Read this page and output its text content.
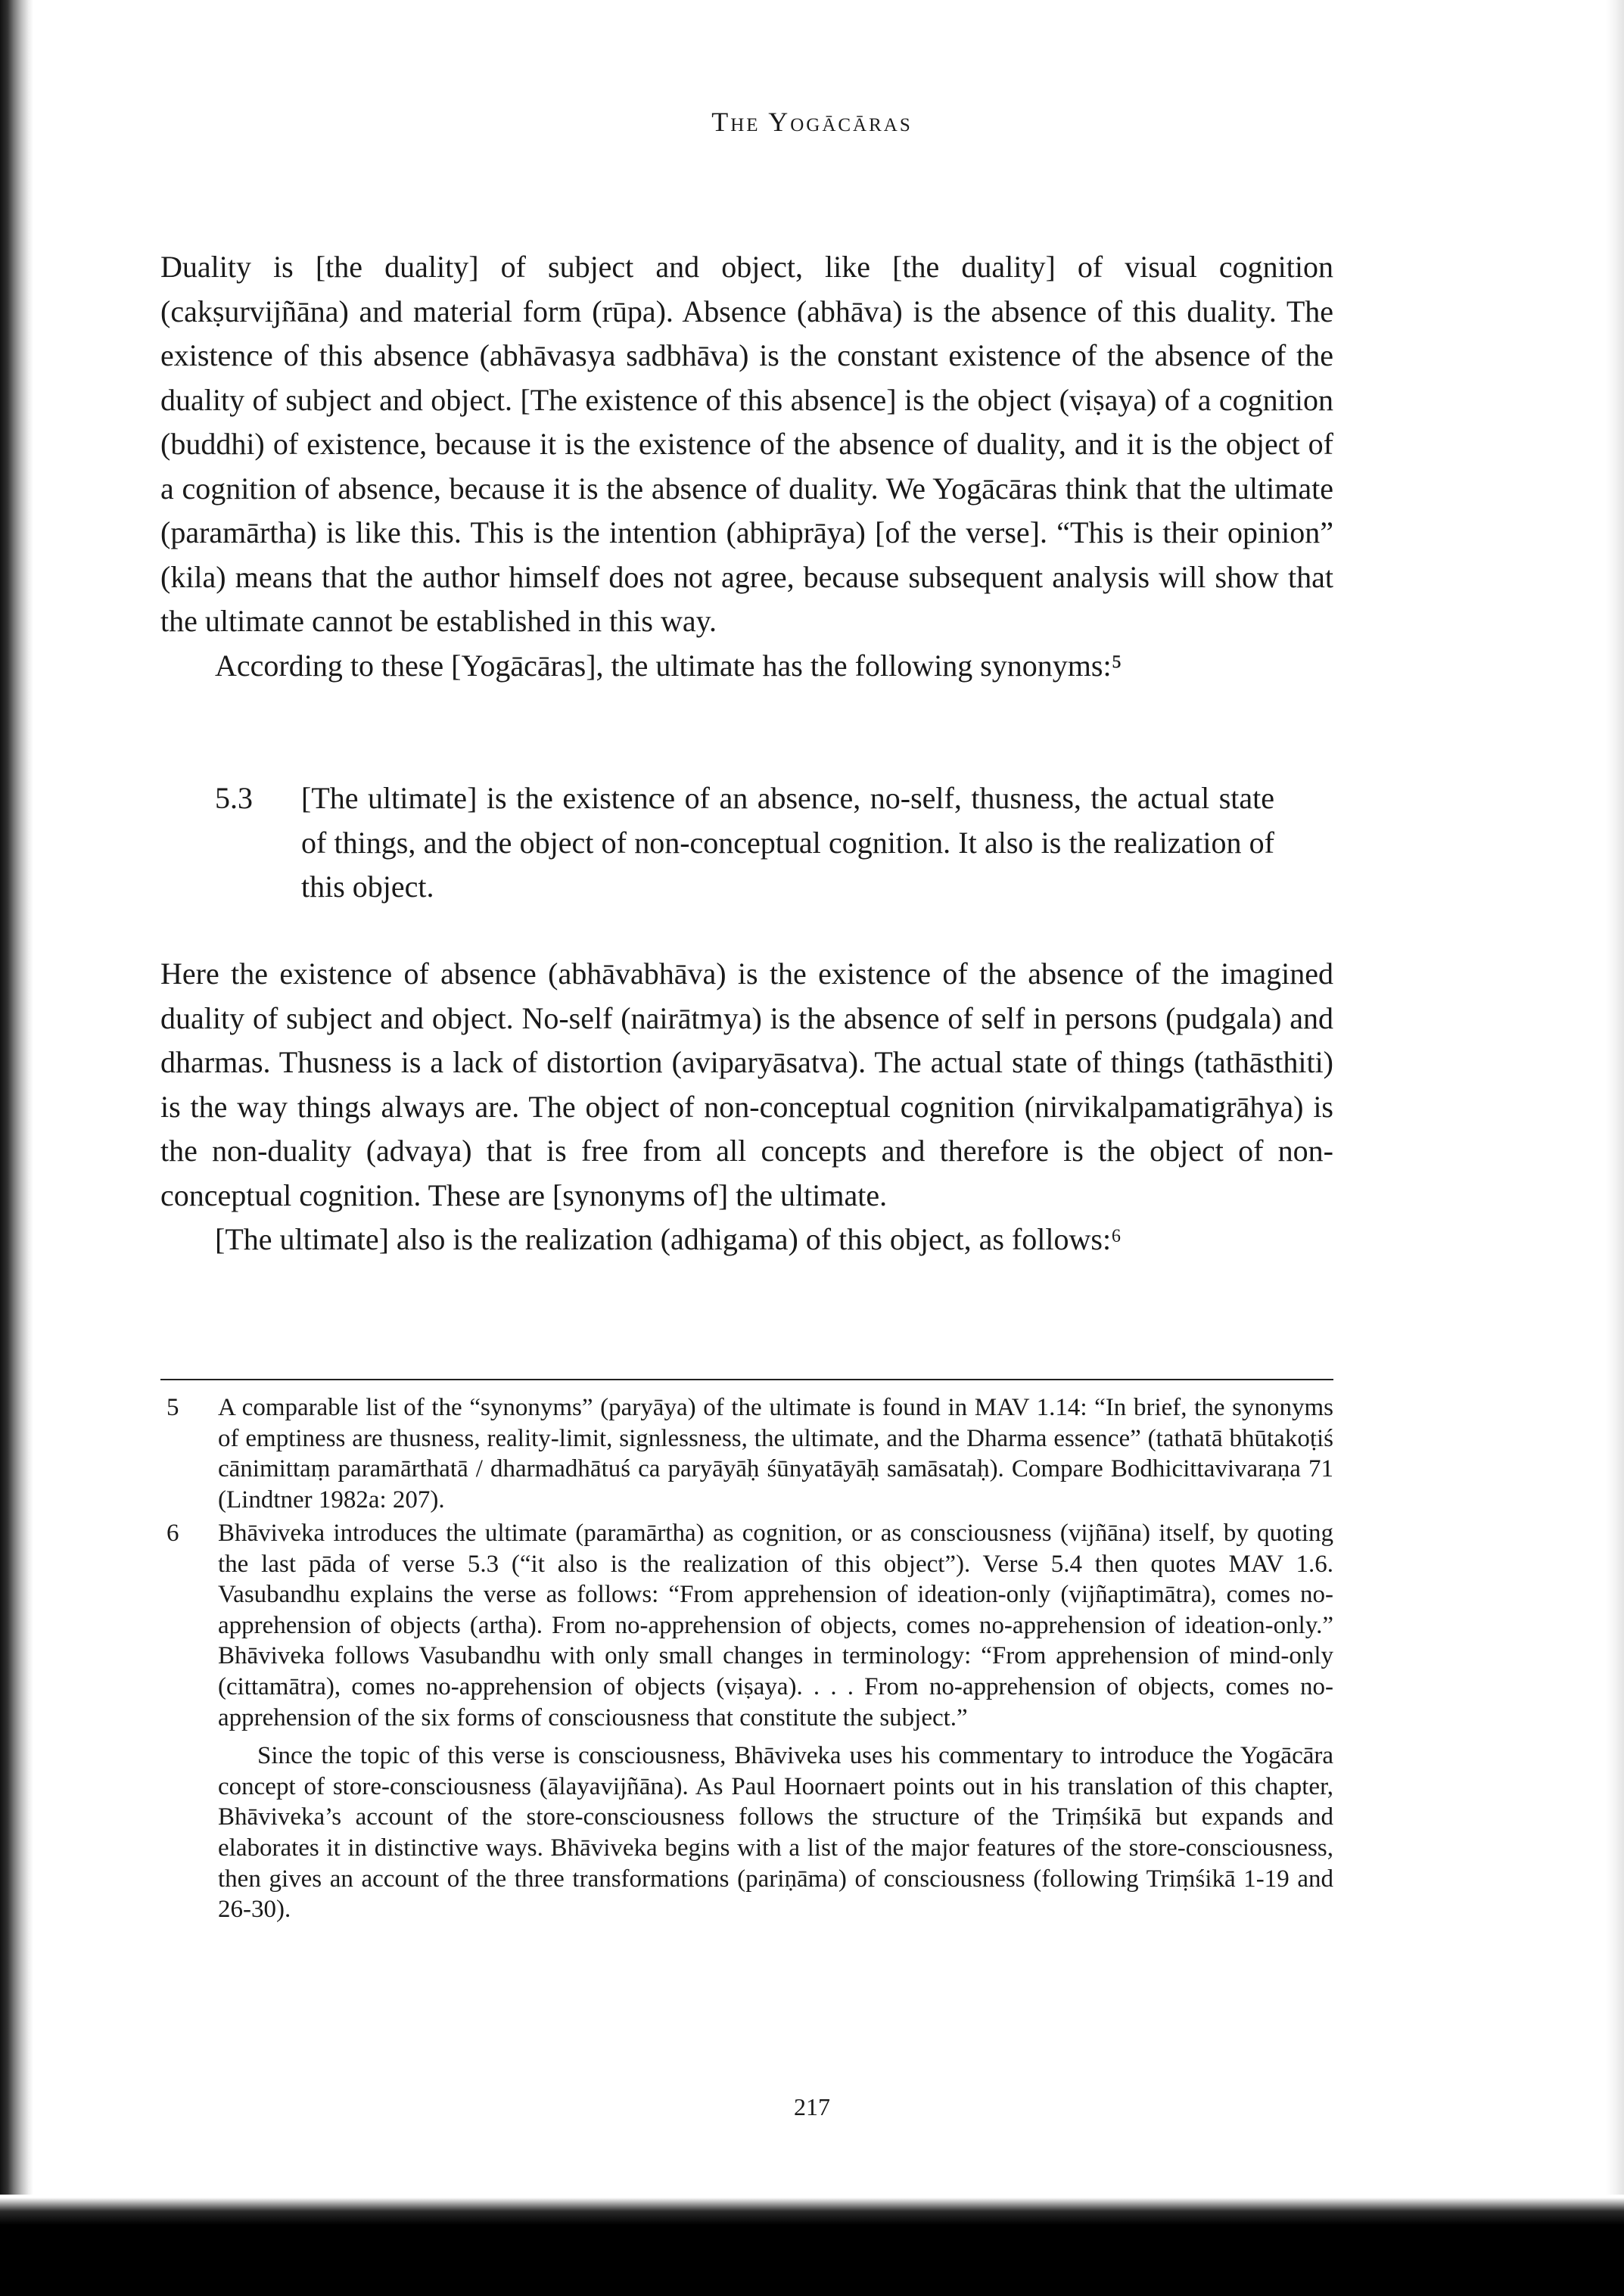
The Yogācāras

Duality is [the duality] of subject and object, like [the duality] of visual cognition (cakṣurvijñāna) and material form (rūpa). Absence (abhāva) is the absence of this duality. The existence of this absence (abhāvasya sadbhāva) is the constant existence of the absence of the duality of subject and object. [The existence of this absence] is the object (viṣaya) of a cognition (buddhi) of existence, because it is the existence of the absence of duality, and it is the object of a cognition of absence, because it is the absence of duality. We Yogācāras think that the ultimate (paramārtha) is like this. This is the intention (abhiprāya) [of the verse]. “This is their opinion” (kila) means that the author himself does not agree, because subsequent analysis will show that the ultimate cannot be established in this way.

According to these [Yogācāras], the ultimate has the following synonyms:⁵

5.3 [The ultimate] is the existence of an absence, no-self, thusness, the actual state of things, and the object of non-conceptual cognition. It also is the realization of this object.

Here the existence of absence (abhāvabhāva) is the existence of the absence of the imagined duality of subject and object. No-self (nairātmya) is the absence of self in persons (pudgala) and dharmas. Thusness is a lack of distortion (aviparyāsatva). The actual state of things (tathāsthiti) is the way things always are. The object of non-conceptual cognition (nirvikalpamatigrāhya) is the non-duality (advaya) that is free from all concepts and therefore is the object of non-conceptual cognition. These are [synonyms of] the ultimate.

[The ultimate] also is the realization (adhigama) of this object, as follows:⁶

5 A comparable list of the “synonyms” (paryāya) of the ultimate is found in MAV 1.14: “In brief, the synonyms of emptiness are thusness, reality-limit, signlessness, the ultimate, and the Dharma essence” (tathatā bhūtakoṭiś cānimittaṃ paramārthatā / dharmadhātuś ca paryāyāḥ śūnyatāyāḥ samāsataḥ). Compare Bodhicittavivaraṇa 71 (Lindtner 1982a: 207).

6 Bhāviveka introduces the ultimate (paramārtha) as cognition, or as consciousness (vijñāna) itself, by quoting the last pāda of verse 5.3 (“it also is the realization of this object”). Verse 5.4 then quotes MAV 1.6. Vasubandhu explains the verse as follows: “From apprehension of ideation-only (vijñaptimātra), comes no-apprehension of objects (artha). From no-apprehension of objects, comes no-apprehension of ideation-only.” Bhāviveka follows Vasubandhu with only small changes in terminology: “From apprehension of mind-only (cittamātra), comes no-apprehension of objects (viṣaya). . . . From no-apprehension of objects, comes no-apprehension of the six forms of consciousness that constitute the subject.”

Since the topic of this verse is consciousness, Bhāviveka uses his commentary to introduce the Yogācāra concept of store-consciousness (ālayavijñāna). As Paul Hoornaert points out in his translation of this chapter, Bhāviveka’s account of the store-consciousness follows the structure of the Triṃśikā but expands and elaborates it in distinctive ways. Bhāviveka begins with a list of the major features of the store-consciousness, then gives an account of the three transformations (pariṇāma) of consciousness (following Triṃśikā 1-19 and 26-30).

217
